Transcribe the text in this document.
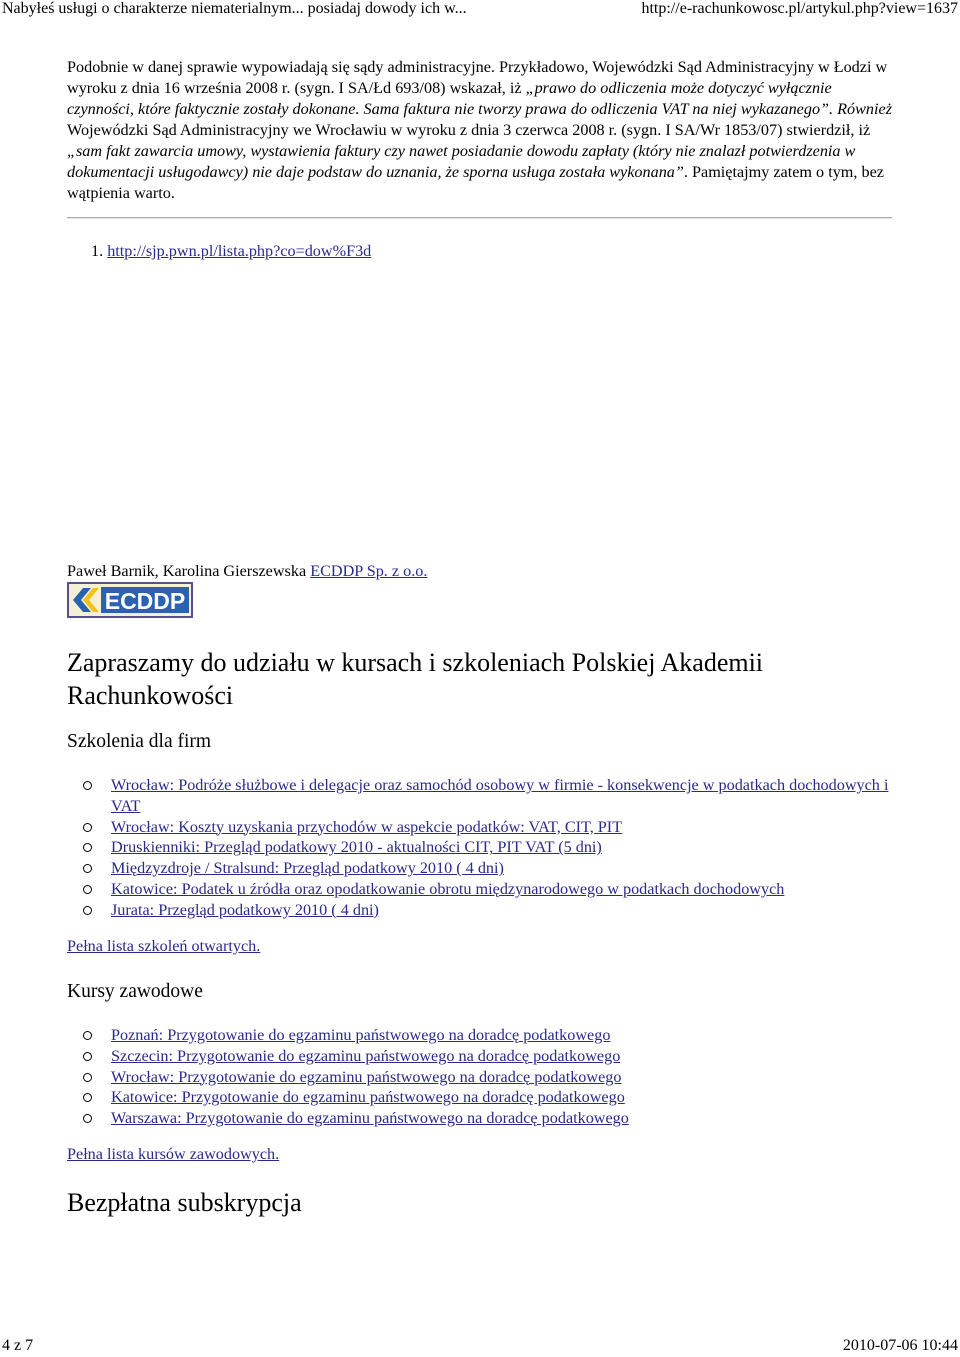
Nabyłeś usługi o charakterze niematerialnym... posiadaj dowody ich w...	http://e-rachunkowosc.pl/artykul.php?view=1637

Podobnie w danej sprawie wypowiadają się sądy administracyjne. Przykładowo, Wojewódzki Sąd Administracyjny w Łodzi w wyroku z dnia 16 września 2008 r. (sygn. I SA/Łd 693/08) wskazał, iż „prawo do odliczenia może dotyczyć wyłącznie czynności, które faktycznie zostały dokonane. Sama faktura nie tworzy prawa do odliczenia VAT na niej wykazanego”. Również Wojewódzki Sąd Administracyjny we Wrocławiu w wyroku z dnia 3 czerwca 2008 r. (sygn. I SA/Wr 1853/07) stwierdził, iż „sam fakt zawarcia umowy, wystawienia faktury czy nawet posiadanie dowodu zapłaty (który nie znalazł potwierdzenia w dokumentacji usługodawcy) nie daje podstaw do uznania, że sporna usługa została wykonana”. Pamiętajmy zatem o tym, bez wątpienia warto.

1. http://sjp.pwn.pl/lista.php?co=dow%F3d
Paweł Barnik, Karolina Gierszewska ECDDP Sp. z o.o.
ECDDP
Zapraszamy do udziału w kursach i szkoleniach Polskiej Akademii Rachunkowości
Szkolenia dla firm
Wrocław: Podróże służbowe i delegacje oraz samochód osobowy w firmie - konsekwencje w podatkach dochodowych i VAT
Wrocław: Koszty uzyskania przychodów w aspekcie podatków: VAT, CIT, PIT
Druskienniki: Przegląd podatkowy 2010 - aktualności CIT, PIT VAT (5 dni)
Międzyzdroje / Stralsund: Przegląd podatkowy 2010 ( 4 dni)
Katowice: Podatek u źródła oraz opodatkowanie obrotu międzynarodowego w podatkach dochodowych
Jurata: Przegląd podatkowy 2010 ( 4 dni)
Pełna lista szkoleń otwartych.
Kursy zawodowe
Poznań: Przygotowanie do egzaminu państwowego na doradcę podatkowego
Szczecin: Przygotowanie do egzaminu państwowego na doradcę podatkowego
Wrocław: Przygotowanie do egzaminu państwowego na doradcę podatkowego
Katowice: Przygotowanie do egzaminu państwowego na doradcę podatkowego
Warszawa: Przygotowanie do egzaminu państwowego na doradcę podatkowego
Pełna lista kursów zawodowych.
Bezpłatna subskrypcja
4 z 7	2010-07-06 10:44
